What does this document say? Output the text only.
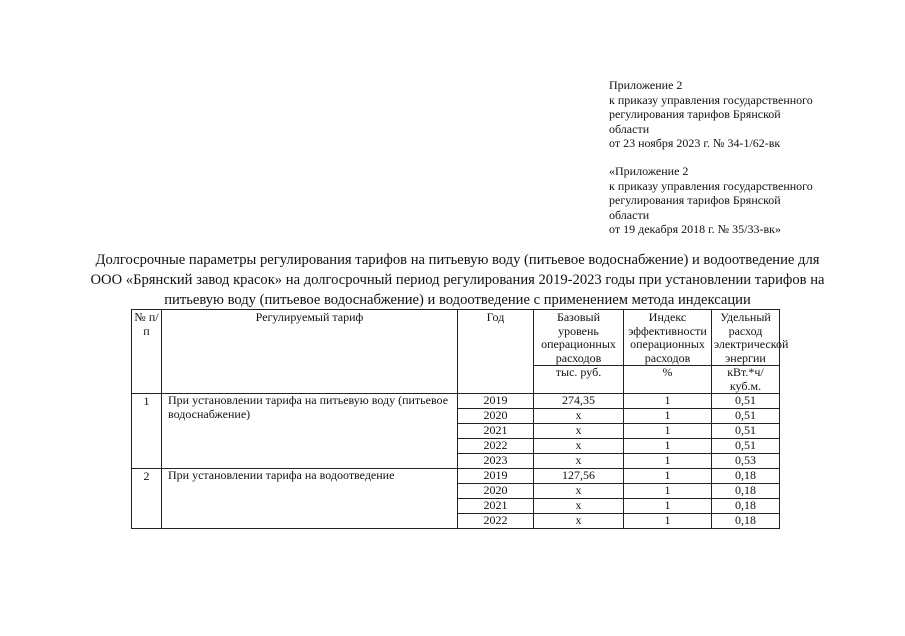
Приложение 2
к приказу управления государственного
регулирования тарифов Брянской
области
от 23 ноября 2023 г. № 34-1/62-вк
«Приложение 2
к приказу управления государственного
регулирования тарифов Брянской
области
от 19 декабря 2018 г. № 35/33-вк»
Долгосрочные параметры регулирования тарифов на питьевую воду (питьевое водоснабжение) и водоотведение для
ООО «Брянский завод красок» на долгосрочный период регулирования 2019-2023 годы при установлении тарифов на
питьевую воду (питьевое водоснабжение) и водоотведение с применением метода индексации
№ п/п	Регулируемый тариф	Год	Базовый уровень операционных расходов	Индекс эффективности операционных расходов	Удельный расход электрической энергии
			тыс. руб.	%	кВт.*ч/куб.м.
1	При установлении тарифа на питьевую воду (питьевое водоснабжение)	2019	274,35	1	0,51
		2020	х	1	0,51
		2021	х	1	0,51
		2022	х	1	0,51
		2023	х	1	0,53
2	При установлении тарифа на водоотведение	2019	127,56	1	0,18
		2020	х	1	0,18
		2021	х	1	0,18
		2022	х	1	0,18
